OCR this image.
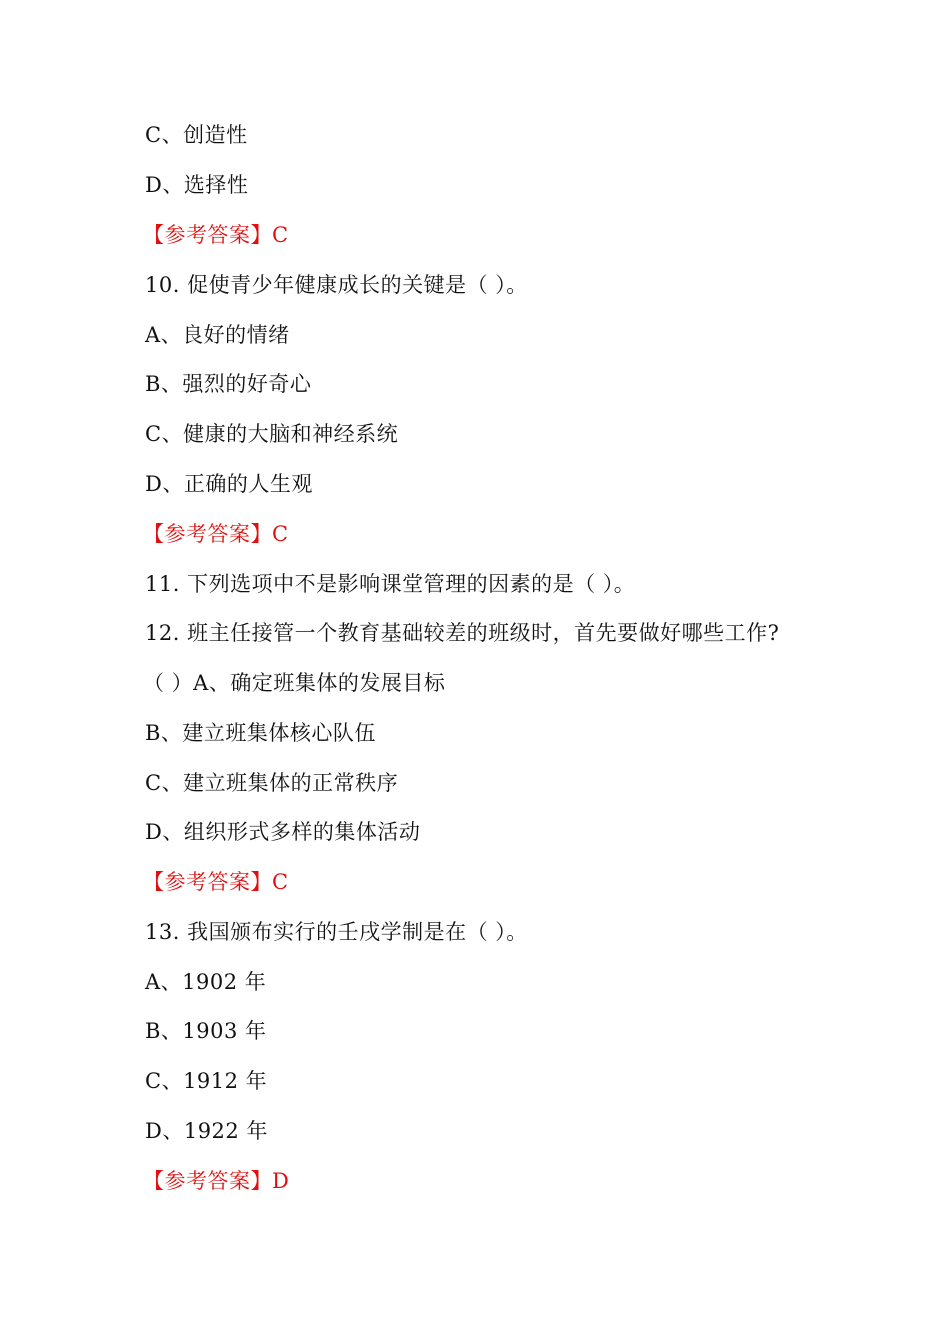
C、创造性
D、选择性
【参考答案】C
10. 促使青少年健康成长的关键是（ ）。
A、良好的情绪
B、强烈的好奇心
C、健康的大脑和神经系统
D、正确的人生观
【参考答案】C
11. 下列选项中不是影响课堂管理的因素的是（ ）。
12. 班主任接管一个教育基础较差的班级时，首先要做好哪些工作?
（ ）A、确定班集体的发展目标
B、建立班集体核心队伍
C、建立班集体的正常秩序
D、组织形式多样的集体活动
【参考答案】C
13. 我国颁布实行的壬戌学制是在（ ）。
A、1902 年
B、1903 年
C、1912 年
D、1922 年
【参考答案】D
